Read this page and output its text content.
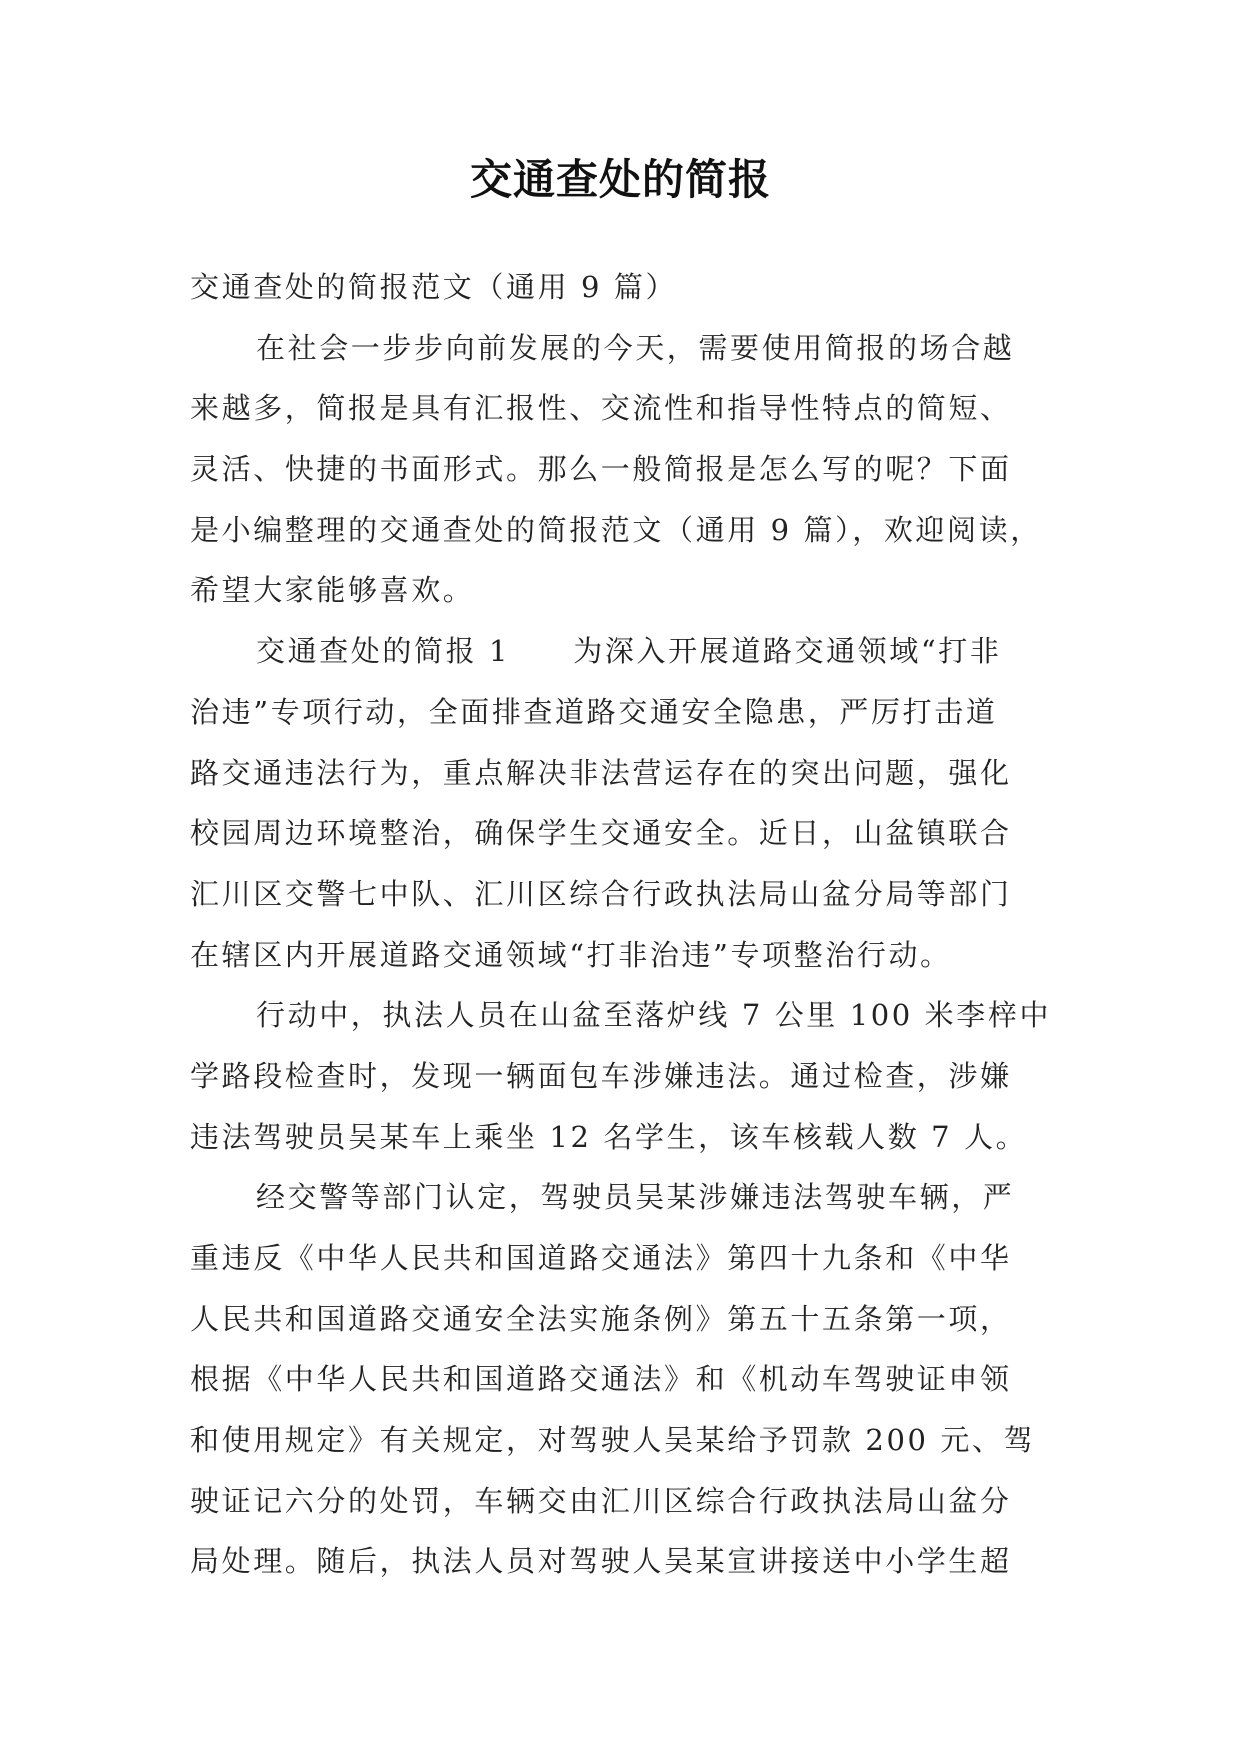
交通查处的简报
交通查处的简报范文（通用 9 篇）
在社会一步步向前发展的今天，需要使用简报的场合越
来越多，简报是具有汇报性、交流性和指导性特点的简短、
灵活、快捷的书面形式。那么一般简报是怎么写的呢？下面
是小编整理的交通查处的简报范文（通用 9 篇），欢迎阅读，
希望大家能够喜欢。
交通查处的简报 1　　为深入开展道路交通领域“打非
治违”专项行动，全面排查道路交通安全隐患，严厉打击道
路交通违法行为，重点解决非法营运存在的突出问题，强化
校园周边环境整治，确保学生交通安全。近日，山盆镇联合
汇川区交警七中队、汇川区综合行政执法局山盆分局等部门
在辖区内开展道路交通领域“打非治违”专项整治行动。
行动中，执法人员在山盆至落炉线 7 公里 100 米李梓中
学路段检查时，发现一辆面包车涉嫌违法。通过检查，涉嫌
违法驾驶员吴某车上乘坐 12 名学生，该车核载人数 7 人。
经交警等部门认定，驾驶员吴某涉嫌违法驾驶车辆，严
重违反《中华人民共和国道路交通法》第四十九条和《中华
人民共和国道路交通安全法实施条例》第五十五条第一项，
根据《中华人民共和国道路交通法》和《机动车驾驶证申领
和使用规定》有关规定，对驾驶人吴某给予罚款 200 元、驾
驶证记六分的处罚，车辆交由汇川区综合行政执法局山盆分
局处理。随后，执法人员对驾驶人吴某宣讲接送中小学生超
